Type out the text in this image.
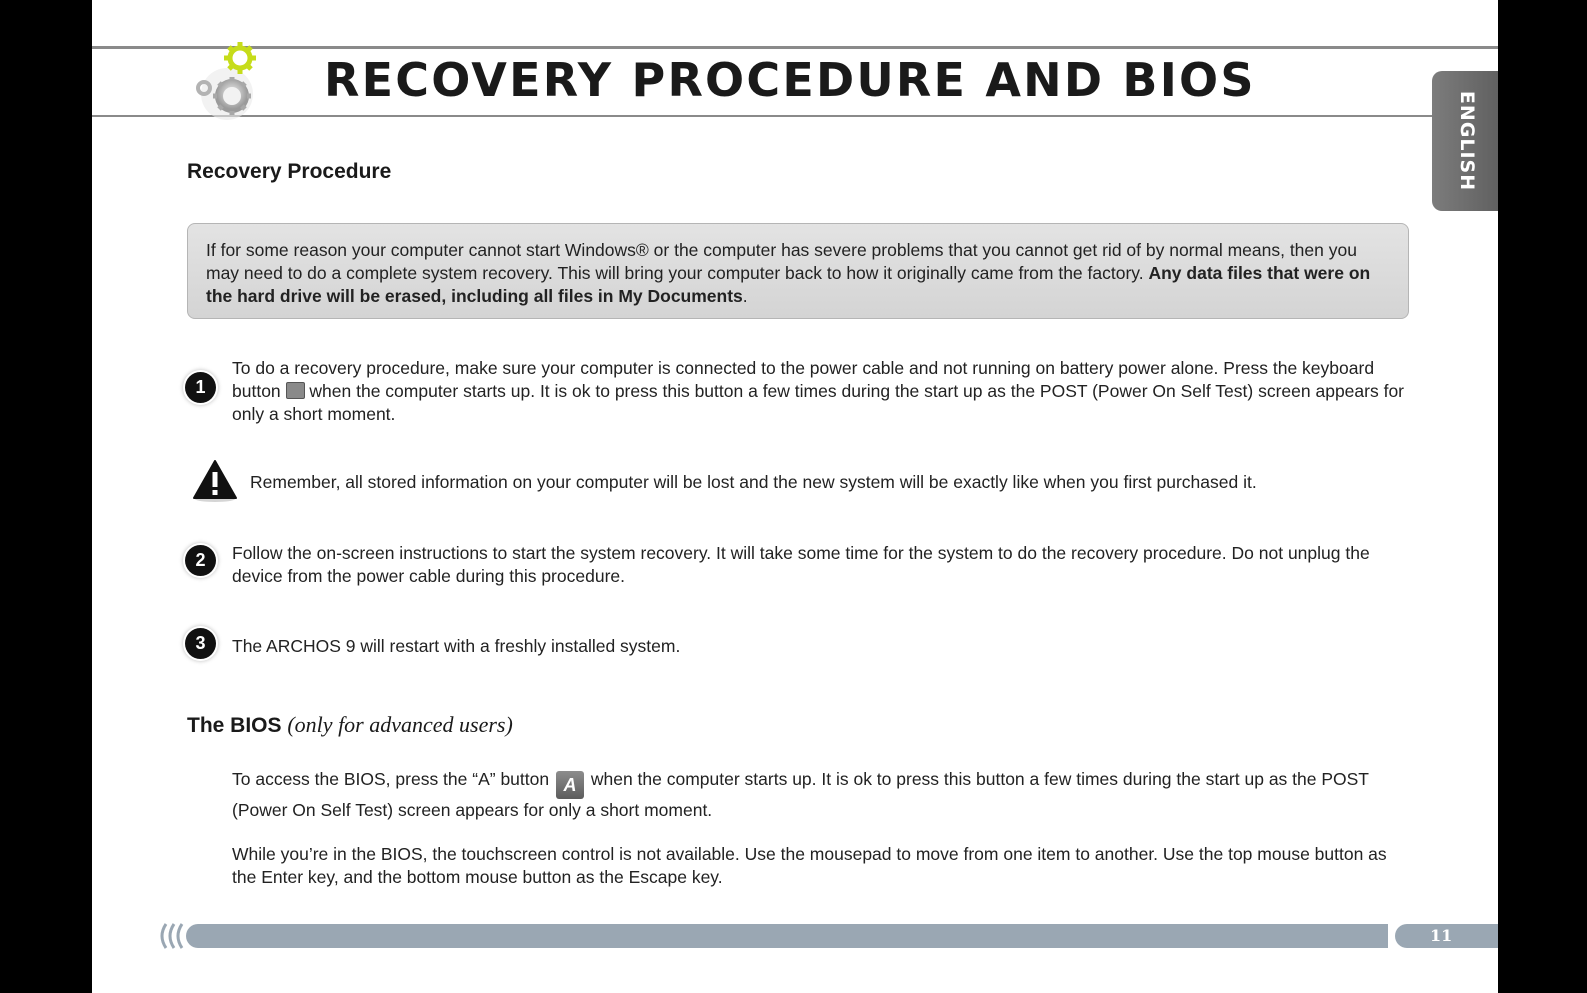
RECOVERY PROCEDURE AND BIOS
ENGLISH
Recovery Procedure
If for some reason your computer cannot start Windows® or the computer has severe problems that you cannot get rid of by normal means, then you may need to do a complete system recovery. This will bring your computer back to how it originally came from the factory. Any data files that were on the hard drive will be erased, including all files in My Documents.
1
To do a recovery procedure, make sure your computer is connected to the power cable and not running on battery power alone. Press the keyboard button when the computer starts up. It is ok to press this button a few times during the start up as the POST (Power On Self Test) screen appears for only a short moment.
Remember, all stored information on your computer will be lost and the new system will be exactly like when you first purchased it.
2	Follow the on-screen instructions to start the system recovery. It will take some time for the system to do the recovery procedure. Do not unplug the device from the power cable during this procedure.
3	The ARCHOS 9 will restart with a freshly installed system.
The BIOS (only for advanced users)
To access the BIOS, press the “A” button A when the computer starts up. It is ok to press this button a few times during the start up as the POST (Power On Self Test) screen appears for only a short moment.
While you’re in the BIOS, the touchscreen control is not available. Use the mousepad to move from one item to another. Use the top mouse button as the Enter key, and the bottom mouse button as the Escape key.
11
